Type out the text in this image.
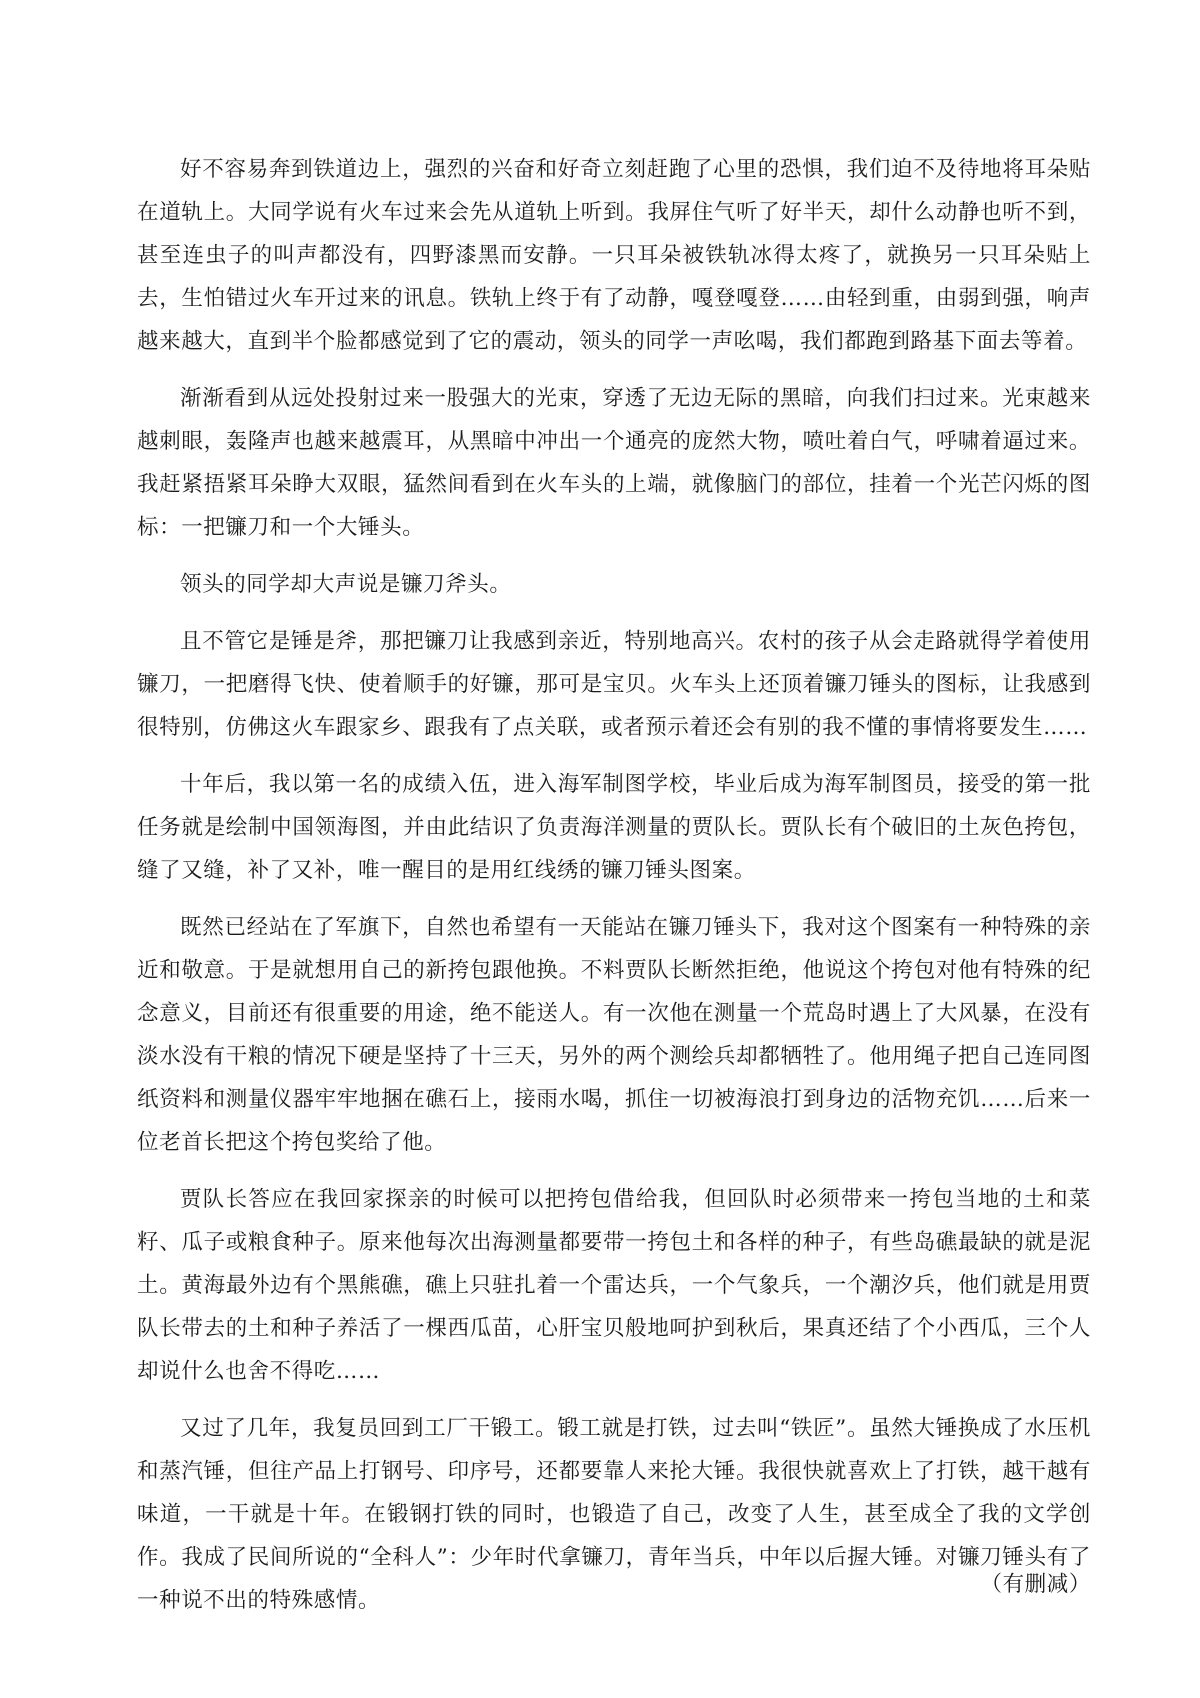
好不容易奔到铁道边上，强烈的兴奋和好奇立刻赶跑了心里的恐惧，我们迫不及待地将耳朵贴在道轨上。大同学说有火车过来会先从道轨上听到。我屏住气听了好半天，却什么动静也听不到，甚至连虫子的叫声都没有，四野漆黑而安静。一只耳朵被铁轨冰得太疼了，就换另一只耳朵贴上去，生怕错过火车开过来的讯息。铁轨上终于有了动静，嘎登嘎登……由轻到重，由弱到强，响声越来越大，直到半个脸都感觉到了它的震动，领头的同学一声吆喝，我们都跑到路基下面去等着。

渐渐看到从远处投射过来一股强大的光束，穿透了无边无际的黑暗，向我们扫过来。光束越来越刺眼，轰隆声也越来越震耳，从黑暗中冲出一个通亮的庞然大物，喷吐着白气，呼啸着逼过来。我赶紧捂紧耳朵睁大双眼，猛然间看到在火车头的上端，就像脑门的部位，挂着一个光芒闪烁的图标：一把镰刀和一个大锤头。

领头的同学却大声说是镰刀斧头。

且不管它是锤是斧，那把镰刀让我感到亲近，特别地高兴。农村的孩子从会走路就得学着使用镰刀，一把磨得飞快、使着顺手的好镰，那可是宝贝。火车头上还顶着镰刀锤头的图标，让我感到很特别，仿佛这火车跟家乡、跟我有了点关联，或者预示着还会有别的我不懂的事情将要发生……

十年后，我以第一名的成绩入伍，进入海军制图学校，毕业后成为海军制图员，接受的第一批任务就是绘制中国领海图，并由此结识了负责海洋测量的贾队长。贾队长有个破旧的土灰色挎包，缝了又缝，补了又补，唯一醒目的是用红线绣的镰刀锤头图案。

既然已经站在了军旗下，自然也希望有一天能站在镰刀锤头下，我对这个图案有一种特殊的亲近和敬意。于是就想用自己的新挎包跟他换。不料贾队长断然拒绝，他说这个挎包对他有特殊的纪念意义，目前还有很重要的用途，绝不能送人。有一次他在测量一个荒岛时遇上了大风暴，在没有淡水没有干粮的情况下硬是坚持了十三天，另外的两个测绘兵却都牺牲了。他用绳子把自己连同图纸资料和测量仪器牢牢地捆在礁石上，接雨水喝，抓住一切被海浪打到身边的活物充饥……后来一位老首长把这个挎包奖给了他。

贾队长答应在我回家探亲的时候可以把挎包借给我，但回队时必须带来一挎包当地的土和菜籽、瓜子或粮食种子。原来他每次出海测量都要带一挎包土和各样的种子，有些岛礁最缺的就是泥土。黄海最外边有个黑熊礁，礁上只驻扎着一个雷达兵，一个气象兵，一个潮汐兵，他们就是用贾队长带去的土和种子养活了一棵西瓜苗，心肝宝贝般地呵护到秋后，果真还结了个小西瓜，三个人却说什么也舍不得吃……

又过了几年，我复员回到工厂干锻工。锻工就是打铁，过去叫“铁匠”。虽然大锤换成了水压机和蒸汽锤，但往产品上打钢号、印序号，还都要靠人来抡大锤。我很快就喜欢上了打铁，越干越有味道，一干就是十年。在锻钢打铁的同时，也锻造了自己，改变了人生，甚至成全了我的文学创作。我成了民间所说的“全科人”：少年时代拿镰刀，青年当兵，中年以后握大锤。对镰刀锤头有了一种说不出的特殊感情。

（有删减）
